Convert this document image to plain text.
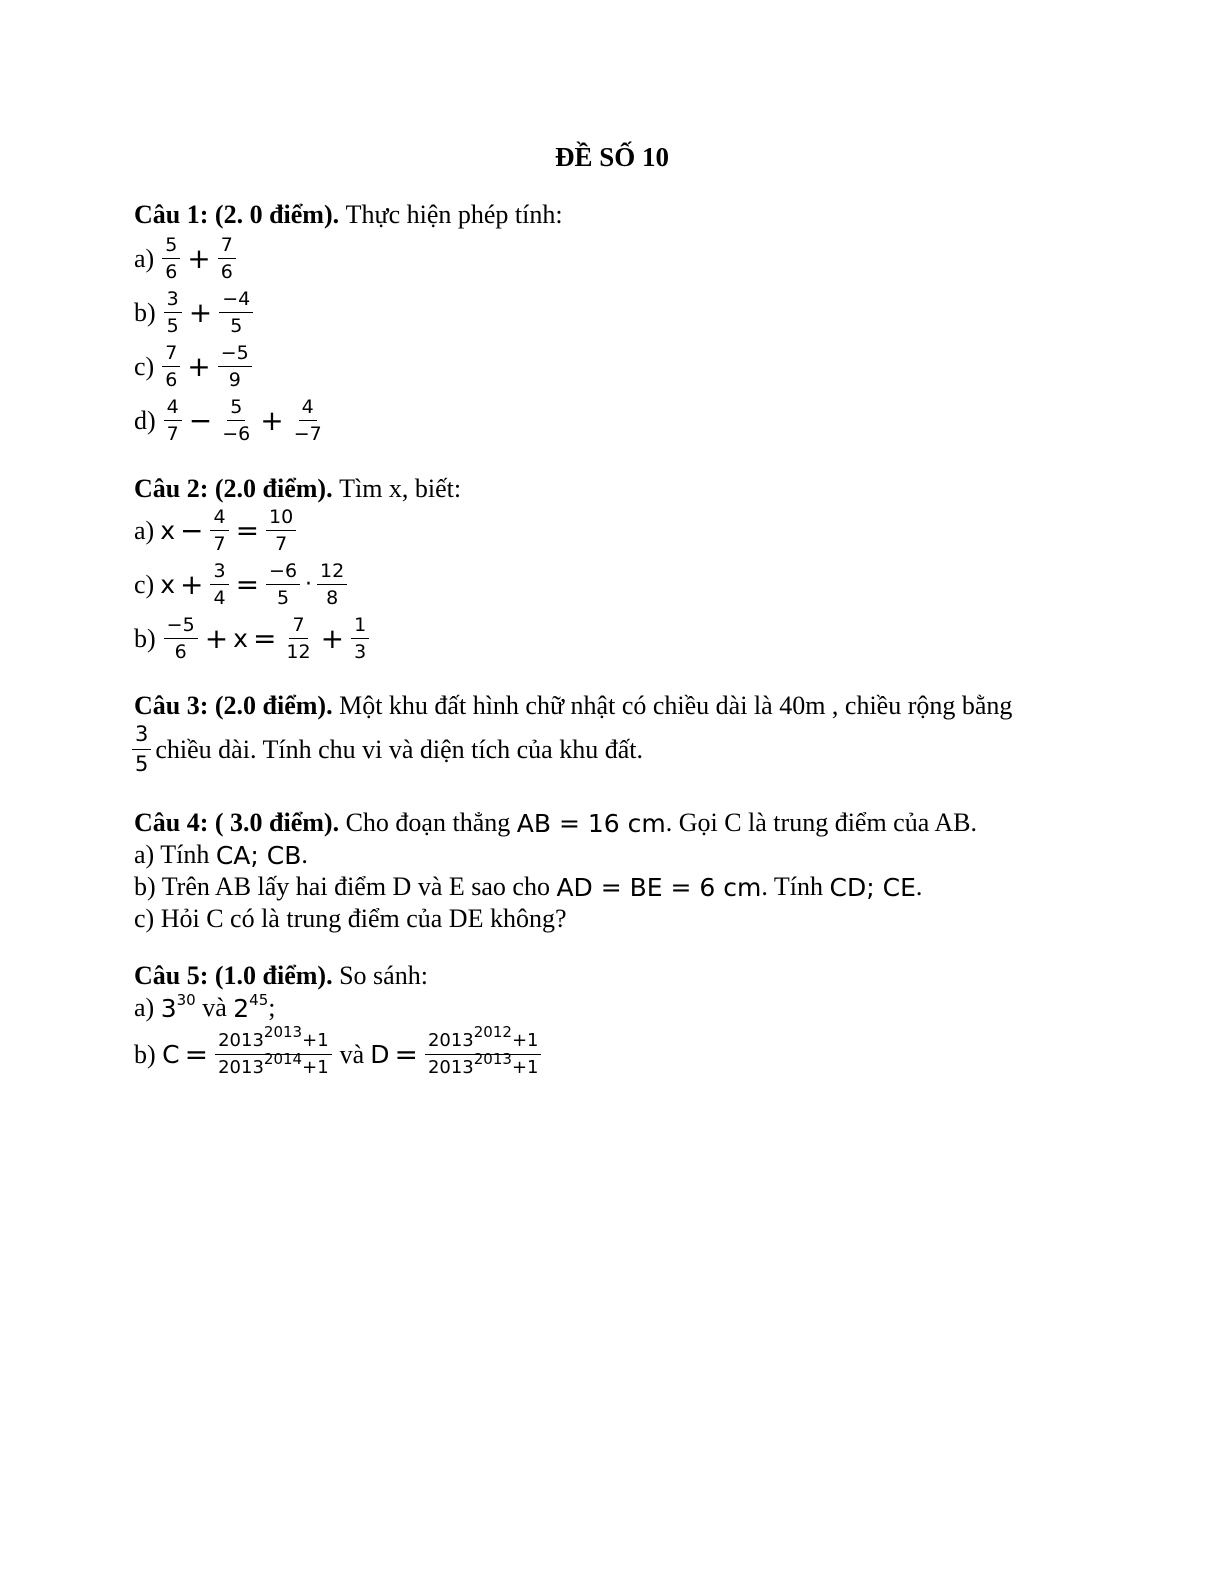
ĐỀ SỐ 10
Câu 1:
(2. 0 điểm).
Thực hiện phép tính:
$a) \frac{5}{6} + \frac{7}{6}$
$b) \frac{3}{5} + \frac{-4}{5}$
$c) \frac{7}{6} + \frac{-5}{9}$
$d) \frac{4}{7} - \frac{5}{-6} + \frac{4}{-7}$
Câu 2: (2.0 điểm).
Tìm x, biết:
a) $x - \frac{4}{7} = \frac{10}{7}$
c) $x + \frac{3}{4} = \frac{-6}{5} \cdot \frac{12}{8}$
$b) \frac{-5}{6} + x = \frac{7}{12} + \frac{1}{3}$
Câu 3: (2.0 điểm).
Một khu đất hình chữ nhật có chiều dài là 40m , chiều rộng bằng
$\frac{3}{5}$ chiều dài. Tính chu vi và diện tích của khu đất.
Câu 4: ( 3.0 điểm).
Cho đoạn thẳng
AB = 16 cm . Gọi C là trung điểm của AB.
a) Tính
CA; CB .
b) Trên AB lấy hai điểm D và E sao cho
AD = BE = 6 cm . Tính
CD; CE .
c) Hỏi C có là trung điểm của DE không?
Câu 5: (1.0 điểm).
So sánh:
a)
$3^{30}$
và
$2^{45}$ ;
b)
$C = \frac{2013^{2013}+1}{2013^{2014}+1}$ và $D = \frac{2013^{2012}+1}{2013^{2013}+1}$
